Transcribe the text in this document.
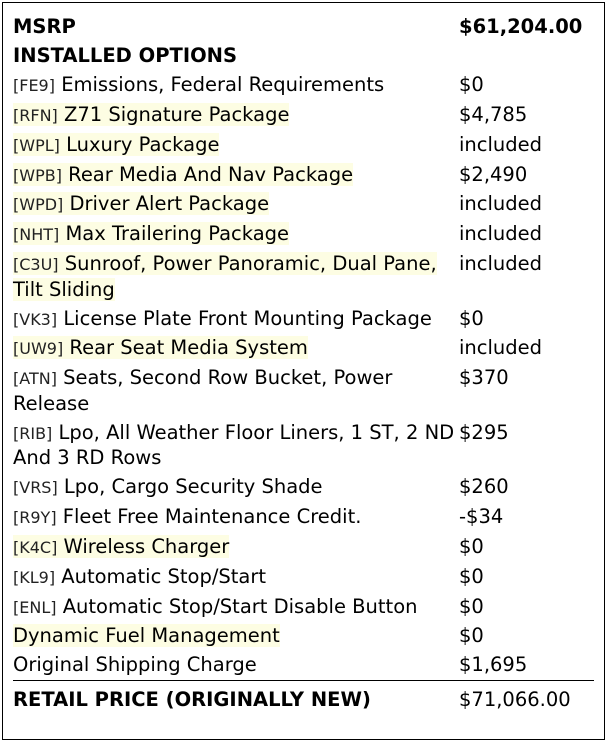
MSRP	$61,204.00
INSTALLED OPTIONS	
[FE9] Emissions, Federal Requirements	$0
[RFN] Z71 Signature Package	$4,785
[WPL] Luxury Package	included
[WPB] Rear Media And Nav Package	$2,490
[WPD] Driver Alert Package	included
[NHT] Max Trailering Package	included
[C3U] Sunroof, Power Panoramic, Dual Pane, Tilt Sliding	included
[VK3] License Plate Front Mounting Package	$0
[UW9] Rear Seat Media System	included
[ATN] Seats, Second Row Bucket, Power Release	$370
[RIB] Lpo, All Weather Floor Liners, 1 ST, 2 ND And 3 RD Rows	$295
[VRS] Lpo, Cargo Security Shade	$260
[R9Y] Fleet Free Maintenance Credit.	-$34
[K4C] Wireless Charger	$0
[KL9] Automatic Stop/Start	$0
[ENL] Automatic Stop/Start Disable Button	$0
Dynamic Fuel Management	$0
Original Shipping Charge	$1,695
RETAIL PRICE (ORIGINALLY NEW)	$71,066.00
